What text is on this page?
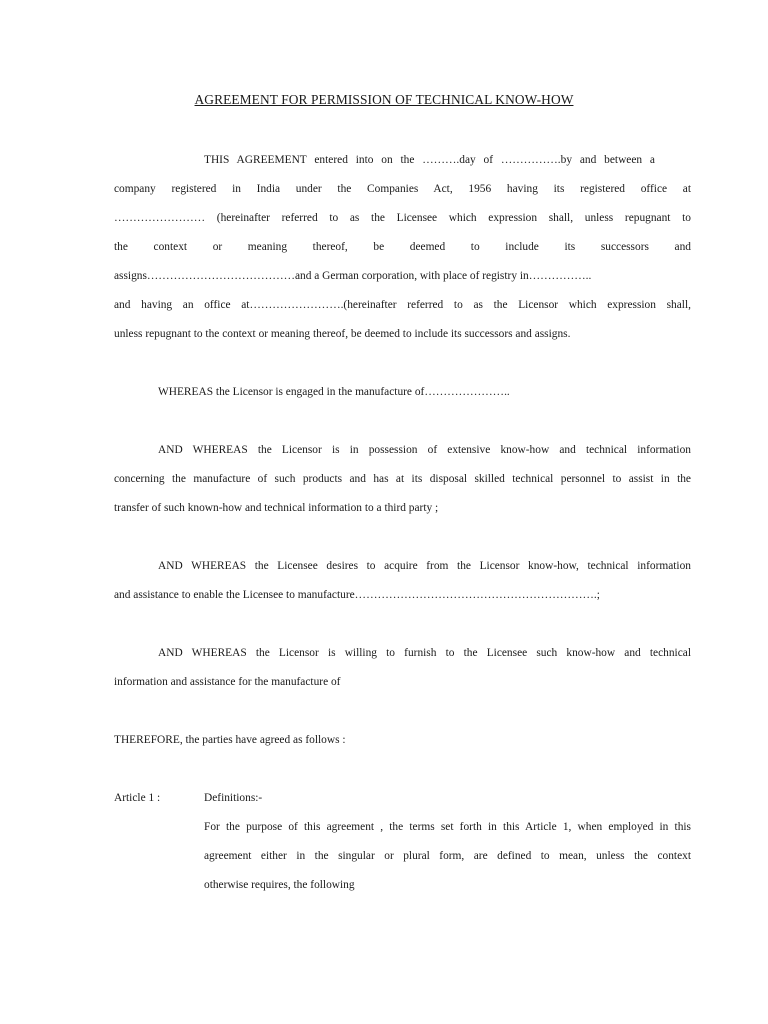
AGREEMENT FOR PERMISSION OF TECHNICAL KNOW-HOW
THIS AGREEMENT entered into on the ……….day of …………….by and between a
company registered in India under the Companies Act, 1956 having its registered office at
…………………… (hereinafter referred to as the Licensee which expression shall, unless repugnant to
the context or meaning thereof, be deemed to include its successors and
assigns…………………………………and a German corporation, with place of registry in……………..
and having an office at…………………….(hereinafter referred to as the Licensor which expression shall,
unless repugnant to the context or meaning thereof, be deemed to include its successors and assigns.
WHEREAS the Licensor is engaged in the manufacture of…………………..
AND WHEREAS the Licensor is in possession of extensive know-how and technical information
concerning the manufacture of such products and has at its disposal skilled technical personnel to assist in the
transfer of such known-how and technical information to a third party ;
AND WHEREAS the Licensee desires to acquire from the Licensor know-how, technical information
and assistance to enable the Licensee to manufacture……………………………………………………….;
AND WHEREAS the Licensor is willing to furnish to the Licensee such know-how and technical
information and assistance for the manufacture of
THEREFORE, the parties have agreed as follows :
Article 1 :	Definitions:-
For the purpose of this agreement , the terms set forth in this Article 1, when employed in this
agreement either in the singular or plural form, are defined to mean, unless the context
otherwise requires, the following
